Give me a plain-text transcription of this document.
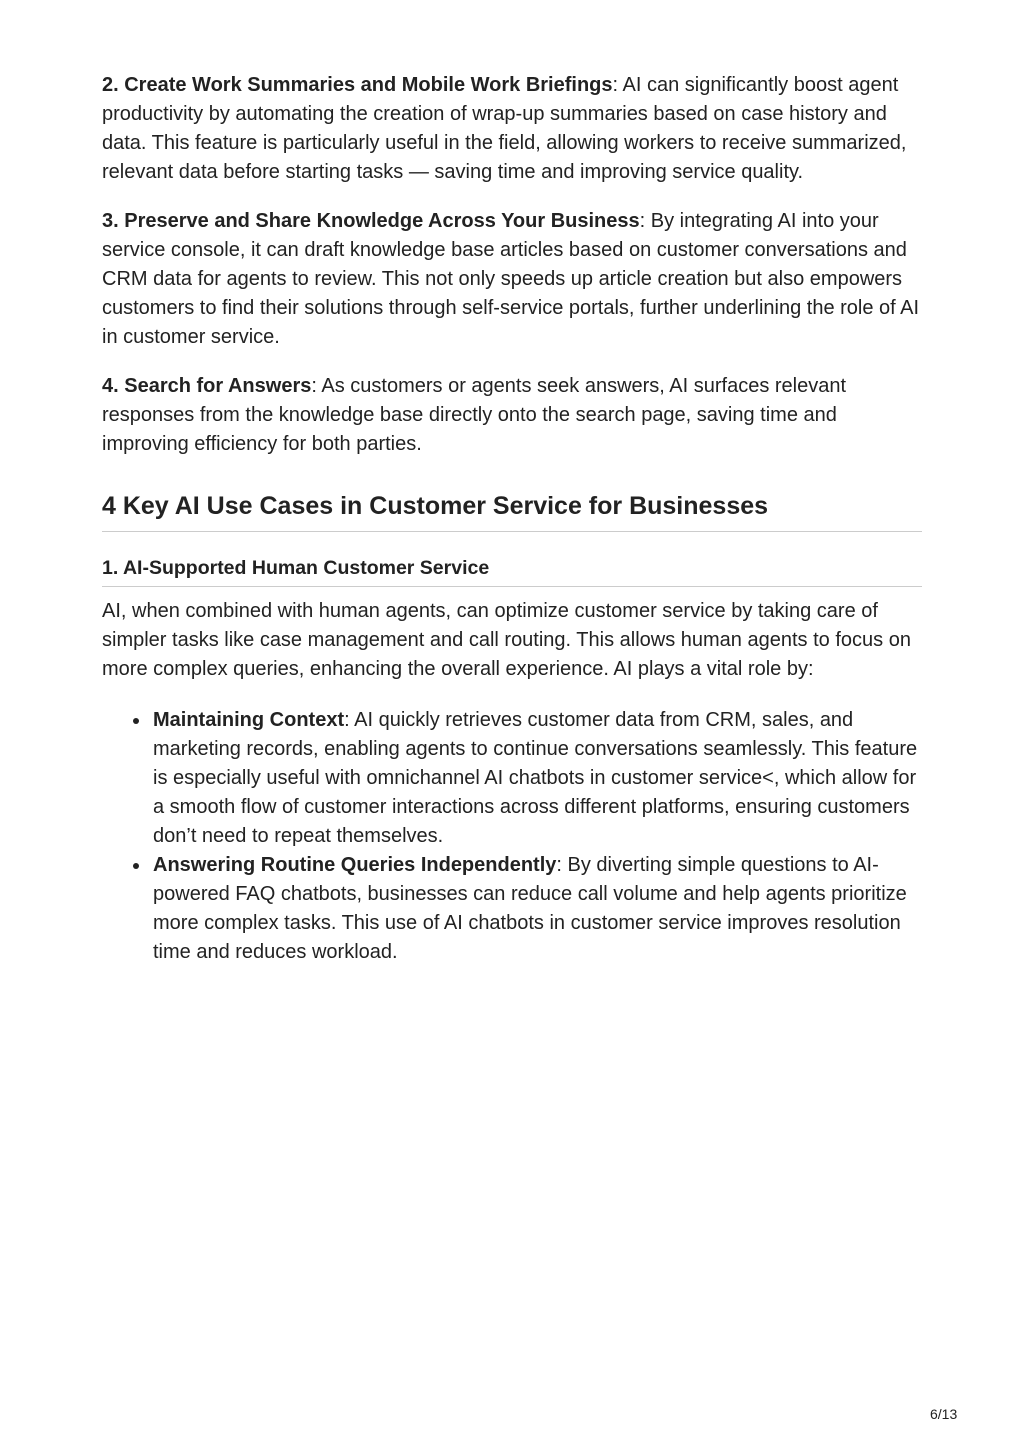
2. Create Work Summaries and Mobile Work Briefings: AI can significantly boost agent productivity by automating the creation of wrap-up summaries based on case history and data. This feature is particularly useful in the field, allowing workers to receive summarized, relevant data before starting tasks — saving time and improving service quality.

3. Preserve and Share Knowledge Across Your Business: By integrating AI into your service console, it can draft knowledge base articles based on customer conversations and CRM data for agents to review. This not only speeds up article creation but also empowers customers to find their solutions through self-service portals, further underlining the role of AI in customer service.

4. Search for Answers: As customers or agents seek answers, AI surfaces relevant responses from the knowledge base directly onto the search page, saving time and improving efficiency for both parties.

4 Key AI Use Cases in Customer Service for Businesses
1. AI-Supported Human Customer Service

AI, when combined with human agents, can optimize customer service by taking care of simpler tasks like case management and call routing. This allows human agents to focus on more complex queries, enhancing the overall experience. AI plays a vital role by:

Maintaining Context: AI quickly retrieves customer data from CRM, sales, and marketing records, enabling agents to continue conversations seamlessly. This feature is especially useful with omnichannel AI chatbots in customer service<, which allow for a smooth flow of customer interactions across different platforms, ensuring customers don’t need to repeat themselves.
Answering Routine Queries Independently: By diverting simple questions to AI-powered FAQ chatbots, businesses can reduce call volume and help agents prioritize more complex tasks. This use of AI chatbots in customer service improves resolution time and reduces workload.
6/13
